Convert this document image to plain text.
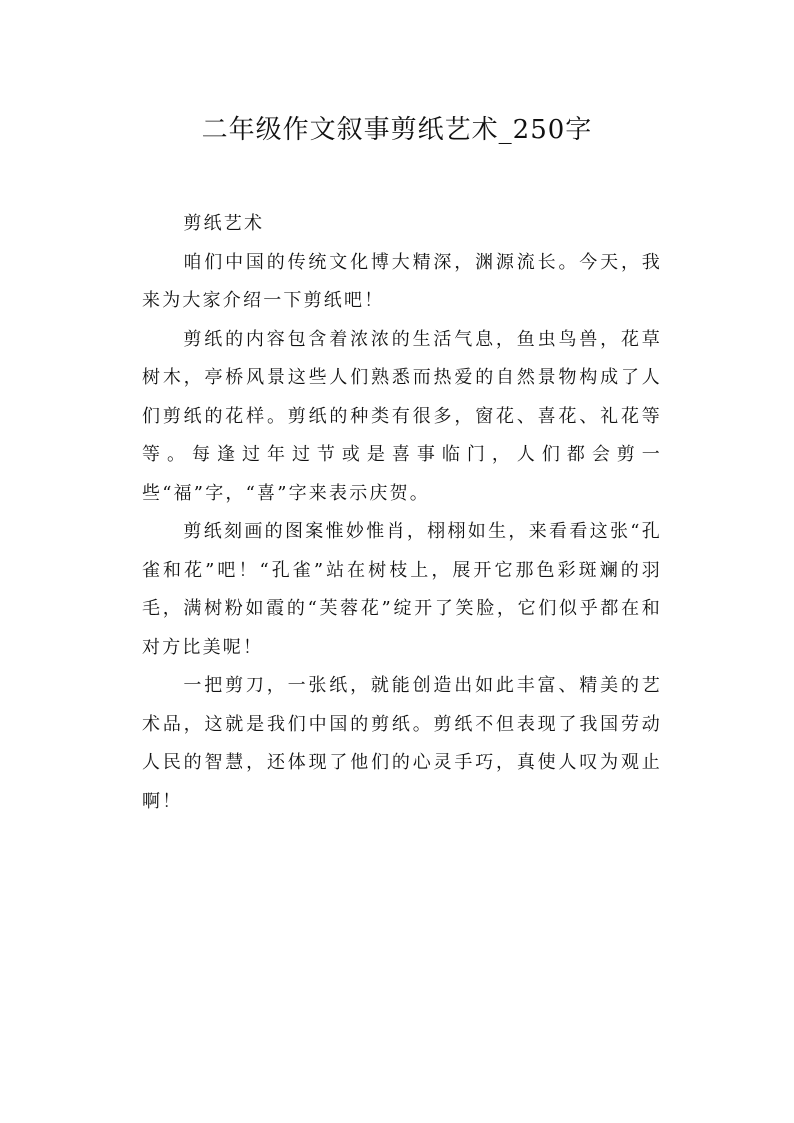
二年级作文叙事剪纸艺术_250字

剪纸艺术

咱们中国的传统文化博大精深，渊源流长。今天，我来为大家介绍一下剪纸吧！

剪纸的内容包含着浓浓的生活气息，鱼虫鸟兽，花草树木，亭桥风景这些人们熟悉而热爱的自然景物构成了人们剪纸的花样。剪纸的种类有很多，窗花、喜花、礼花等等。每逢过年过节或是喜事临门，人们都会剪一些“福”字，“喜”字来表示庆贺。

剪纸刻画的图案惟妙惟肖，栩栩如生，来看看这张“孔雀和花”吧！“孔雀”站在树枝上，展开它那色彩斑斓的羽毛，满树粉如霞的“芙蓉花”绽开了笑脸，它们似乎都在和对方比美呢！

一把剪刀，一张纸，就能创造出如此丰富、精美的艺术品，这就是我们中国的剪纸。剪纸不但表现了我国劳动人民的智慧，还体现了他们的心灵手巧，真使人叹为观止啊！
